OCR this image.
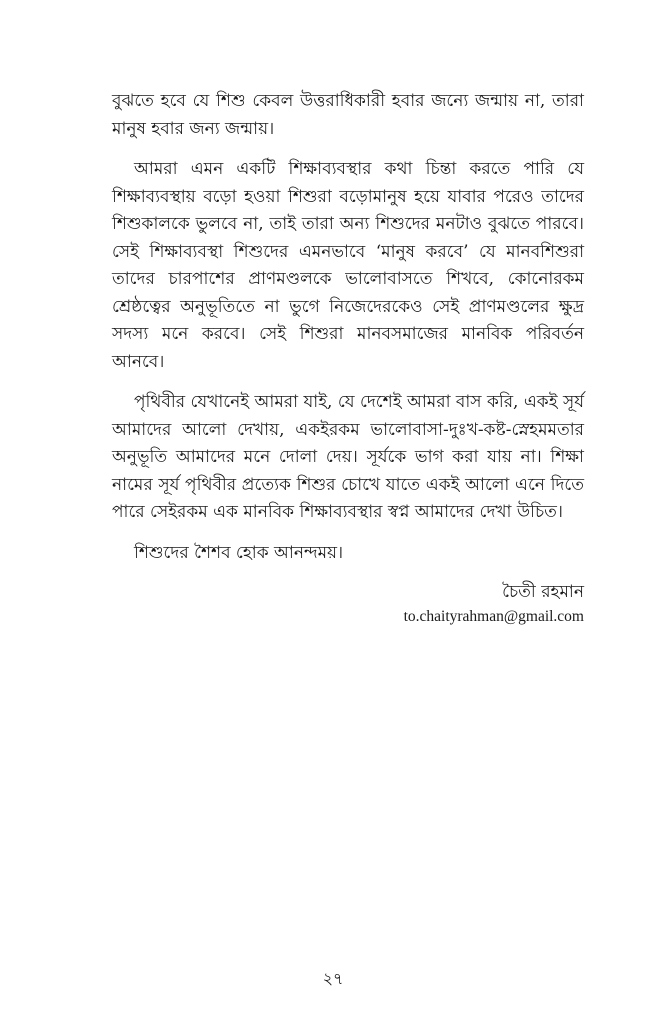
বুঝতে হবে যে শিশু কেবল উত্তরাধিকারী হবার জন্যে জন্মায় না, তারা মানুষ হবার জন্য জন্মায়।

আমরা এমন একটি শিক্ষাব্যবস্থার কথা চিন্তা করতে পারি যে শিক্ষাব্যবস্থায় বড়ো হওয়া শিশুরা বড়োমানুষ হয়ে যাবার পরেও তাদের শিশুকালকে ভুলবে না, তাই তারা অন্য শিশুদের মনটাও বুঝতে পারবে। সেই শিক্ষাব্যবস্থা শিশুদের এমনভাবে ‘মানুষ করবে’ যে মানবশিশুরা তাদের চারপাশের প্রাণমণ্ডলকে ভালোবাসতে শিখবে, কোনোরকম শ্রেষ্ঠত্বের অনুভূতিতে না ভুগে নিজেদেরকেও সেই প্রাণমণ্ডলের ক্ষুদ্র সদস্য মনে করবে। সেই শিশুরা মানবসমাজের মানবিক পরিবর্তন আনবে।

পৃথিবীর যেখানেই আমরা যাই, যে দেশেই আমরা বাস করি, একই সূর্য আমাদের আলো দেখায়, একইরকম ভালোবাসা-দুঃখ-কষ্ট-স্নেহমমতার অনুভূতি আমাদের মনে দোলা দেয়। সূর্যকে ভাগ করা যায় না। শিক্ষা নামের সূর্য পৃথিবীর প্রত্যেক শিশুর চোখে যাতে একই আলো এনে দিতে পারে সেইরকম এক মানবিক শিক্ষাব্যবস্থার স্বপ্ন আমাদের দেখা উচিত।

শিশুদের শৈশব হোক আনন্দময়।

চৈতী রহমান
to.chaityrahman@gmail.com
২৭
